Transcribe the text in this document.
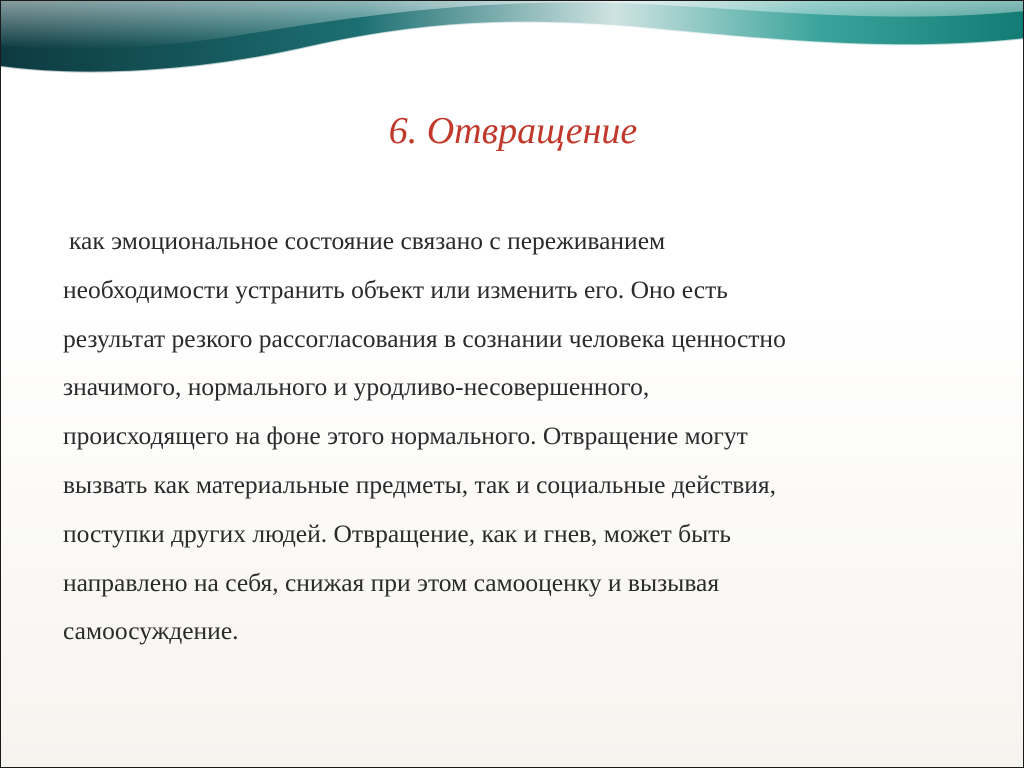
6. Отвращение
как эмоциональное состояние связано с переживанием
необходимости устранить объект или изменить его. Оно есть
результат резкого рассогласования в сознании человека ценностно
значимого, нормального и уродливо-несовершенного,
происходящего на фоне этого нормального. Отвращение могут
вызвать как материальные предметы, так и социальные действия,
поступки других людей. Отвращение, как и гнев, может быть
направлено на себя, снижая при этом самооценку и вызывая
самоосуждение.
